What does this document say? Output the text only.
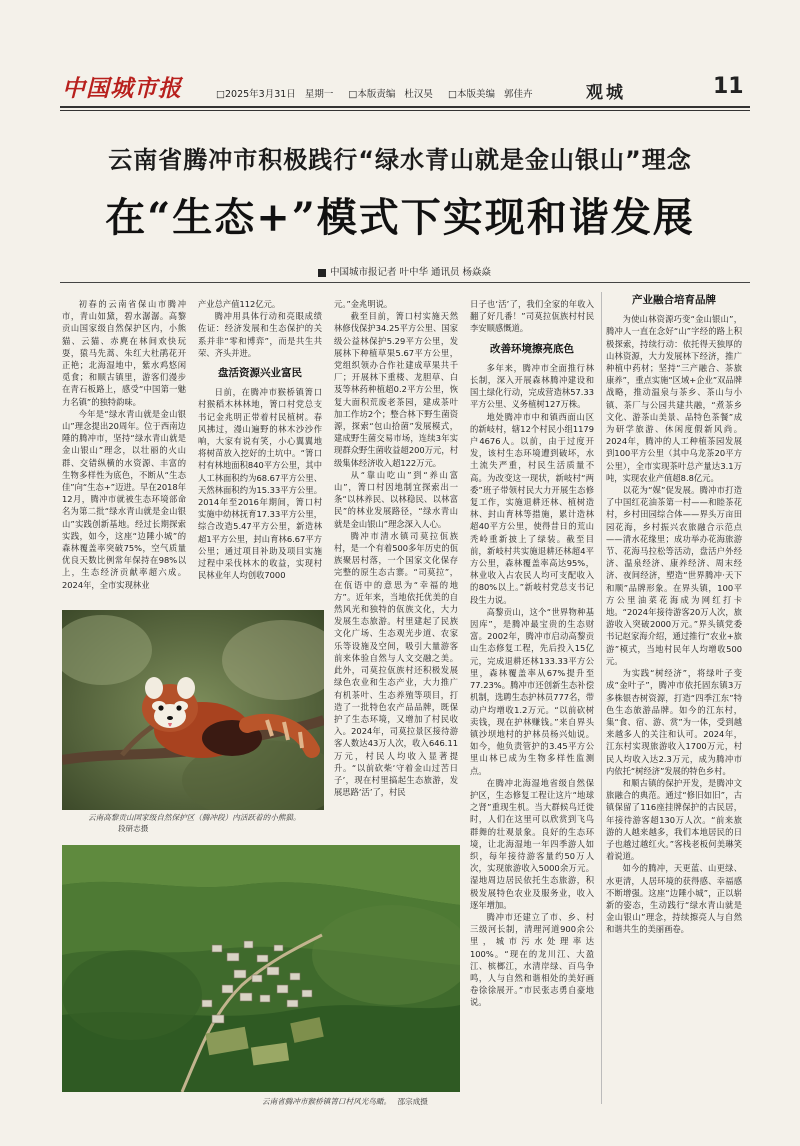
中国城市报	□2025年3月31日 星期一 □本版责编 杜汉昊 □本版美编 郭佳卉	观城	11
云南省腾冲市积极践行“绿水青山就是金山银山”理念
在“生态+”模式下实现和谐发展
中国城市报记者 叶中华 通讯员 杨焱焱

初春的云南省保山市腾冲市，青山如黛，碧水潺潺。高黎贡山国家级自然保护区内，小熊猫、云猫、赤麂在林间欢快玩耍，猿马先蒿、朱红大杜鹃花开正艳；北海湿地中，紫水鸡悠闲觅食；和顺古镇里，游客们漫步在青石板路上，感受“中国第一魅力名镇”的独特韵味。

今年是“绿水青山就是金山银山”理念提出20周年。位于西南边陲的腾冲市，坚持“绿水青山就是金山银山”理念，以壮丽的火山群、交错纵横的水资源、丰富的生物多样性为底色，不断从“生态佳”向“生态+”迈进。早在2018年12月，腾冲市就被生态环境部命名为第二批“绿水青山就是金山银山”实践创新基地。经过长期探索实践，如今，这座“边陲小城”的森林覆盖率突破75%，空气质量优良天数比例常年保持在98%以上，生态经济贡献率超六成。2024年，全市实现林业

产业总产值112亿元。

腾冲用具体行动和亮眼成绩佐证：经济发展和生态保护的关系并非“零和博弈”，而是共生共荣、齐头并进。

盘活资源兴业富民

日前，在腾冲市猴桥镇箐口村猴稻木林林地，箐口村党总支书记金兆明正带着村民植树。春风拂过，漫山遍野的林木沙沙作响，大家有说有笑，小心翼翼地将树苗放入挖好的土坑中。“箐口村有林地面积840平方公里，其中人工林面积约为68.67平方公里、天然林面积约为15.33平方公里。2014年至2016年期间，箐口村实施中幼林抚育17.33平方公里，综合改造5.47平方公里，新造林超1平方公里，封山育林6.67平方公里；通过项目补助及项目实施过程中采伐林木的收益，实现村民林业年人均创收7000

元。”金兆明说。

截至目前，箐口村实施天然林修伐保护34.25平方公里、国家级公益林保护5.29平方公里，发展林下种植草果5.67平方公里，党组织领办合作社建成草果共千厂；开展林下重楼、龙胆草、白芨等林药种植超0.2平方公里，恢复大面积荒废老茶园，建成茶叶加工作坊2个；整合林下野生菌资源，探索“包山拾菌”发展模式，建成野生菌交易市场，连续3年实现群众野生菌收益超200万元，村级集体经济收入超122万元。

从“靠山吃山”到“养山富山”，箐口村因地制宜探索出一条“以林养民、以林稳民、以林富民”的林业发展路径，“绿水青山就是金山银山”理念深入人心。

腾冲市清水镇司莫拉佤族村，是一个有着500多年历史的佤族聚居村落，一个国家文化保存完整的原生态古寨。“司莫拉”，在佤语中的意思为“幸福的地方”。近年来，当地依托优美的自然风光和独特的佤族文化，大力发展生态旅游。村里建起了民族文化广场、生态观光步道、农家乐等设施及空间，吸引大量游客前来体验自然与人文交融之美。此外，司莫拉佤族村还积极发展绿色农业和生态产业，大力推广有机茶叶、生态养殖等项目，打造了一批特色农产品品牌，既保护了生态环境，又增加了村民收入。2024年，司莫拉景区接待游客人数达43万人次，收入646.11万元，村民人均收入显著提升。“以前砍柴‘守着金山过苦日子’，现在村里搞起生态旅游，发展思路‘活’了，村民

日子也‘活’了，我们全家的年收入翻了好几番！”司莫拉佤族村村民李安顺感慨道。

改善环境擦亮底色

多年来，腾冲市全面推行林长制，深入开展森林腾冲建设和国土绿化行动，完成营造林57.33平方公里、义务植树127万株。

地处腾冲市中和镇西面山区的新岐村，辖12个村民小组1179户4676人。以前，由于过度开发，该村生态环境遭到破坏，水土流失严重，村民生活质量不高。为改变这一现状，新岐村“两委”班子带领村民大力开展生态修复工作，实施退耕还林、植树造林、封山育林等措施，累计造林超40平方公里，使得昔日的荒山秃岭重新披上了绿装。截至目前，新岐村共实施退耕还林超4平方公里，森林覆盖率高达95%，林业收入占农民人均可支配收入的80%以上。”新岐村党总支书记段生力说。

高黎贡山，这个“世界物种基因库”，是腾冲最宝贵的生态财富。2002年，腾冲市启动高黎贡山生态修复工程，先后投入15亿元，完成退耕还林133.33平方公里，森林覆盖率从67%提升至77.23%。腾冲市还创新生态补偿机制，选聘生态护林员777名，带动户均增收1.2万元。“以前砍树卖钱，现在护林赚钱。”来自界头镇沙坝地村的护林员杨兴灿说。如今，他负责管护的3.45平方公里山林已成为生物多样性监测点。

在腾冲北海湿地省级自然保护区，生态修复工程让这片“地球之肾”重现生机。当大群候鸟迁徙时，人们在这里可以欣赏到飞鸟群舞的壮观景象。良好的生态环境，让北海湿地一年四季游人如织，每年接待游客量约50万人次，实现旅游收入5000余万元。湿地周边居民依托生态旅游，积极发展特色农业及服务业，收入逐年增加。

腾冲市还建立了市、乡、村三级河长制，清理河道900余公里，城市污水处理率达100%。“现在的龙川江、大盈江、槟榔江，水清岸绿、百鸟争鸣，人与自然和谐相处的美好画卷徐徐展开。”市民张志勇自豪地说。

产业融合培育品牌

为使山林资源巧变“金山银山”，腾冲人一直在念好“山”字经的路上积极探索，持续行动：依托得天独厚的山林资源，大力发展林下经济，推广种植中药材；坚持“三产融合、茶旅康养”，重点实施“区域+企业”双品牌战略，推动温泉与茶乡、茶山与小镇、茶厂与公园共建共融，“煮茶乡文化、游茶山美景、品特色茶餐”成为研学旅游、休闲度假新风尚。2024年，腾冲的人工种植茶园发展到100平方公里（其中乌龙茶20平方公里），全市实现茶叶总产量达3.1万吨，实现农业产值超8.8亿元。

以花为“媒”促发展。腾冲市打造了中国红花油茶第一村——和睦茶花村，乡村田园综合体——界头万亩田园花海，乡村振兴农旅融合示范点——清水花缘里；成功举办花海旅游节、花海马拉松等活动，盘活户外经济、温泉经济、康养经济、周末经济、夜间经济，塑造“世界腾冲·天下和顺”品牌形象。在界头镇，100平方公里油菜花海成为网红打卡地。“2024年接待游客20万人次，旅游收入突破2000万元。”界头镇党委书记赵家海介绍，通过推行“农业+旅游”模式，当地村民年人均增收500元。

为实践“树经济”，将绿叶子变成“金叶子”，腾冲市依托固东镇3万多株银杏树资源，打造“四季江东”特色生态旅游品牌。如今的江东村，集“食、宿、游、赏”为一体，受到越来越多人的关注和认可。2024年，江东村实现旅游收入1700万元，村民人均收入达2.3万元，成为腾冲市内依托“树经济”发展的特色乡村。

和顺古镇的保护开发，是腾冲文旅融合的典范。通过“修旧如旧”，古镇保留了116座挂牌保护的古民居，年接待游客超130万人次。“前来旅游的人越来越多，我们本地居民的日子也越过越红火。”客栈老板何美琳笑着说道。

如今的腾冲，天更蓝、山更绿、水更清，人居环境的获得感、幸福感不断增强。这座“边陲小城”，正以崭新的姿态，生动践行“绿水青山就是金山银山”理念，持续擦亮人与自然和谐共生的美丽画卷。

云南高黎贡山国家级自然保护区（腾冲段）内活跃着的小熊猫。 段研志摄
云南省腾冲市猴桥镇箐口村风光鸟瞰。 邵宗成摄
